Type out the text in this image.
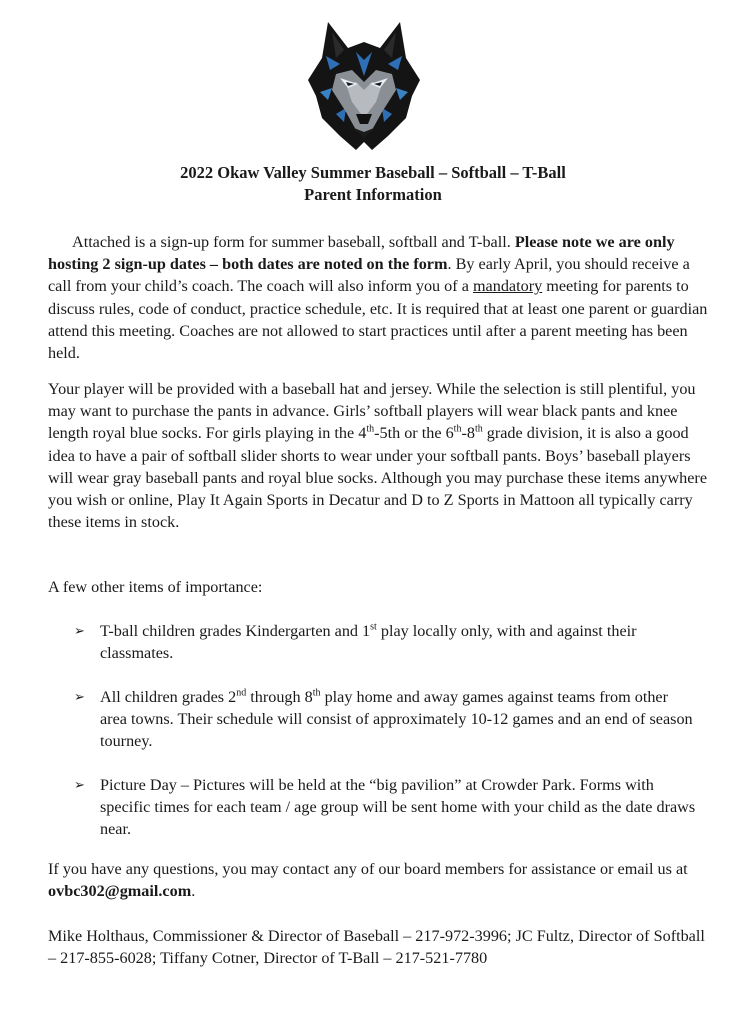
2022 Okaw Valley Summer Baseball – Softball – T-Ball
Parent Information
Attached is a sign-up form for summer baseball, softball and T-ball. Please note we are only hosting 2 sign-up dates – both dates are noted on the form. By early April, you should receive a call from your child’s coach. The coach will also inform you of a mandatory meeting for parents to discuss rules, code of conduct, practice schedule, etc. It is required that at least one parent or guardian attend this meeting. Coaches are not allowed to start practices until after a parent meeting has been held.
Your player will be provided with a baseball hat and jersey. While the selection is still plentiful, you may want to purchase the pants in advance. Girls’ softball players will wear black pants and knee length royal blue socks. For girls playing in the 4th-5th or the 6th-8th grade division, it is also a good idea to have a pair of softball slider shorts to wear under your softball pants. Boys’ baseball players will wear gray baseball pants and royal blue socks. Although you may purchase these items anywhere you wish or online, Play It Again Sports in Decatur and D to Z Sports in Mattoon all typically carry these items in stock.
A few other items of importance:
➢ T-ball children grades Kindergarten and 1st play locally only, with and against their classmates.
➢ All children grades 2nd through 8th play home and away games against teams from other area towns. Their schedule will consist of approximately 10-12 games and an end of season tourney.
➢ Picture Day – Pictures will be held at the “big pavilion” at Crowder Park. Forms with specific times for each team / age group will be sent home with your child as the date draws near.
If you have any questions, you may contact any of our board members for assistance or email us at ovbc302@gmail.com.
Mike Holthaus, Commissioner & Director of Baseball – 217-972-3996; JC Fultz, Director of Softball – 217-855-6028; Tiffany Cotner, Director of T-Ball – 217-521-7780
